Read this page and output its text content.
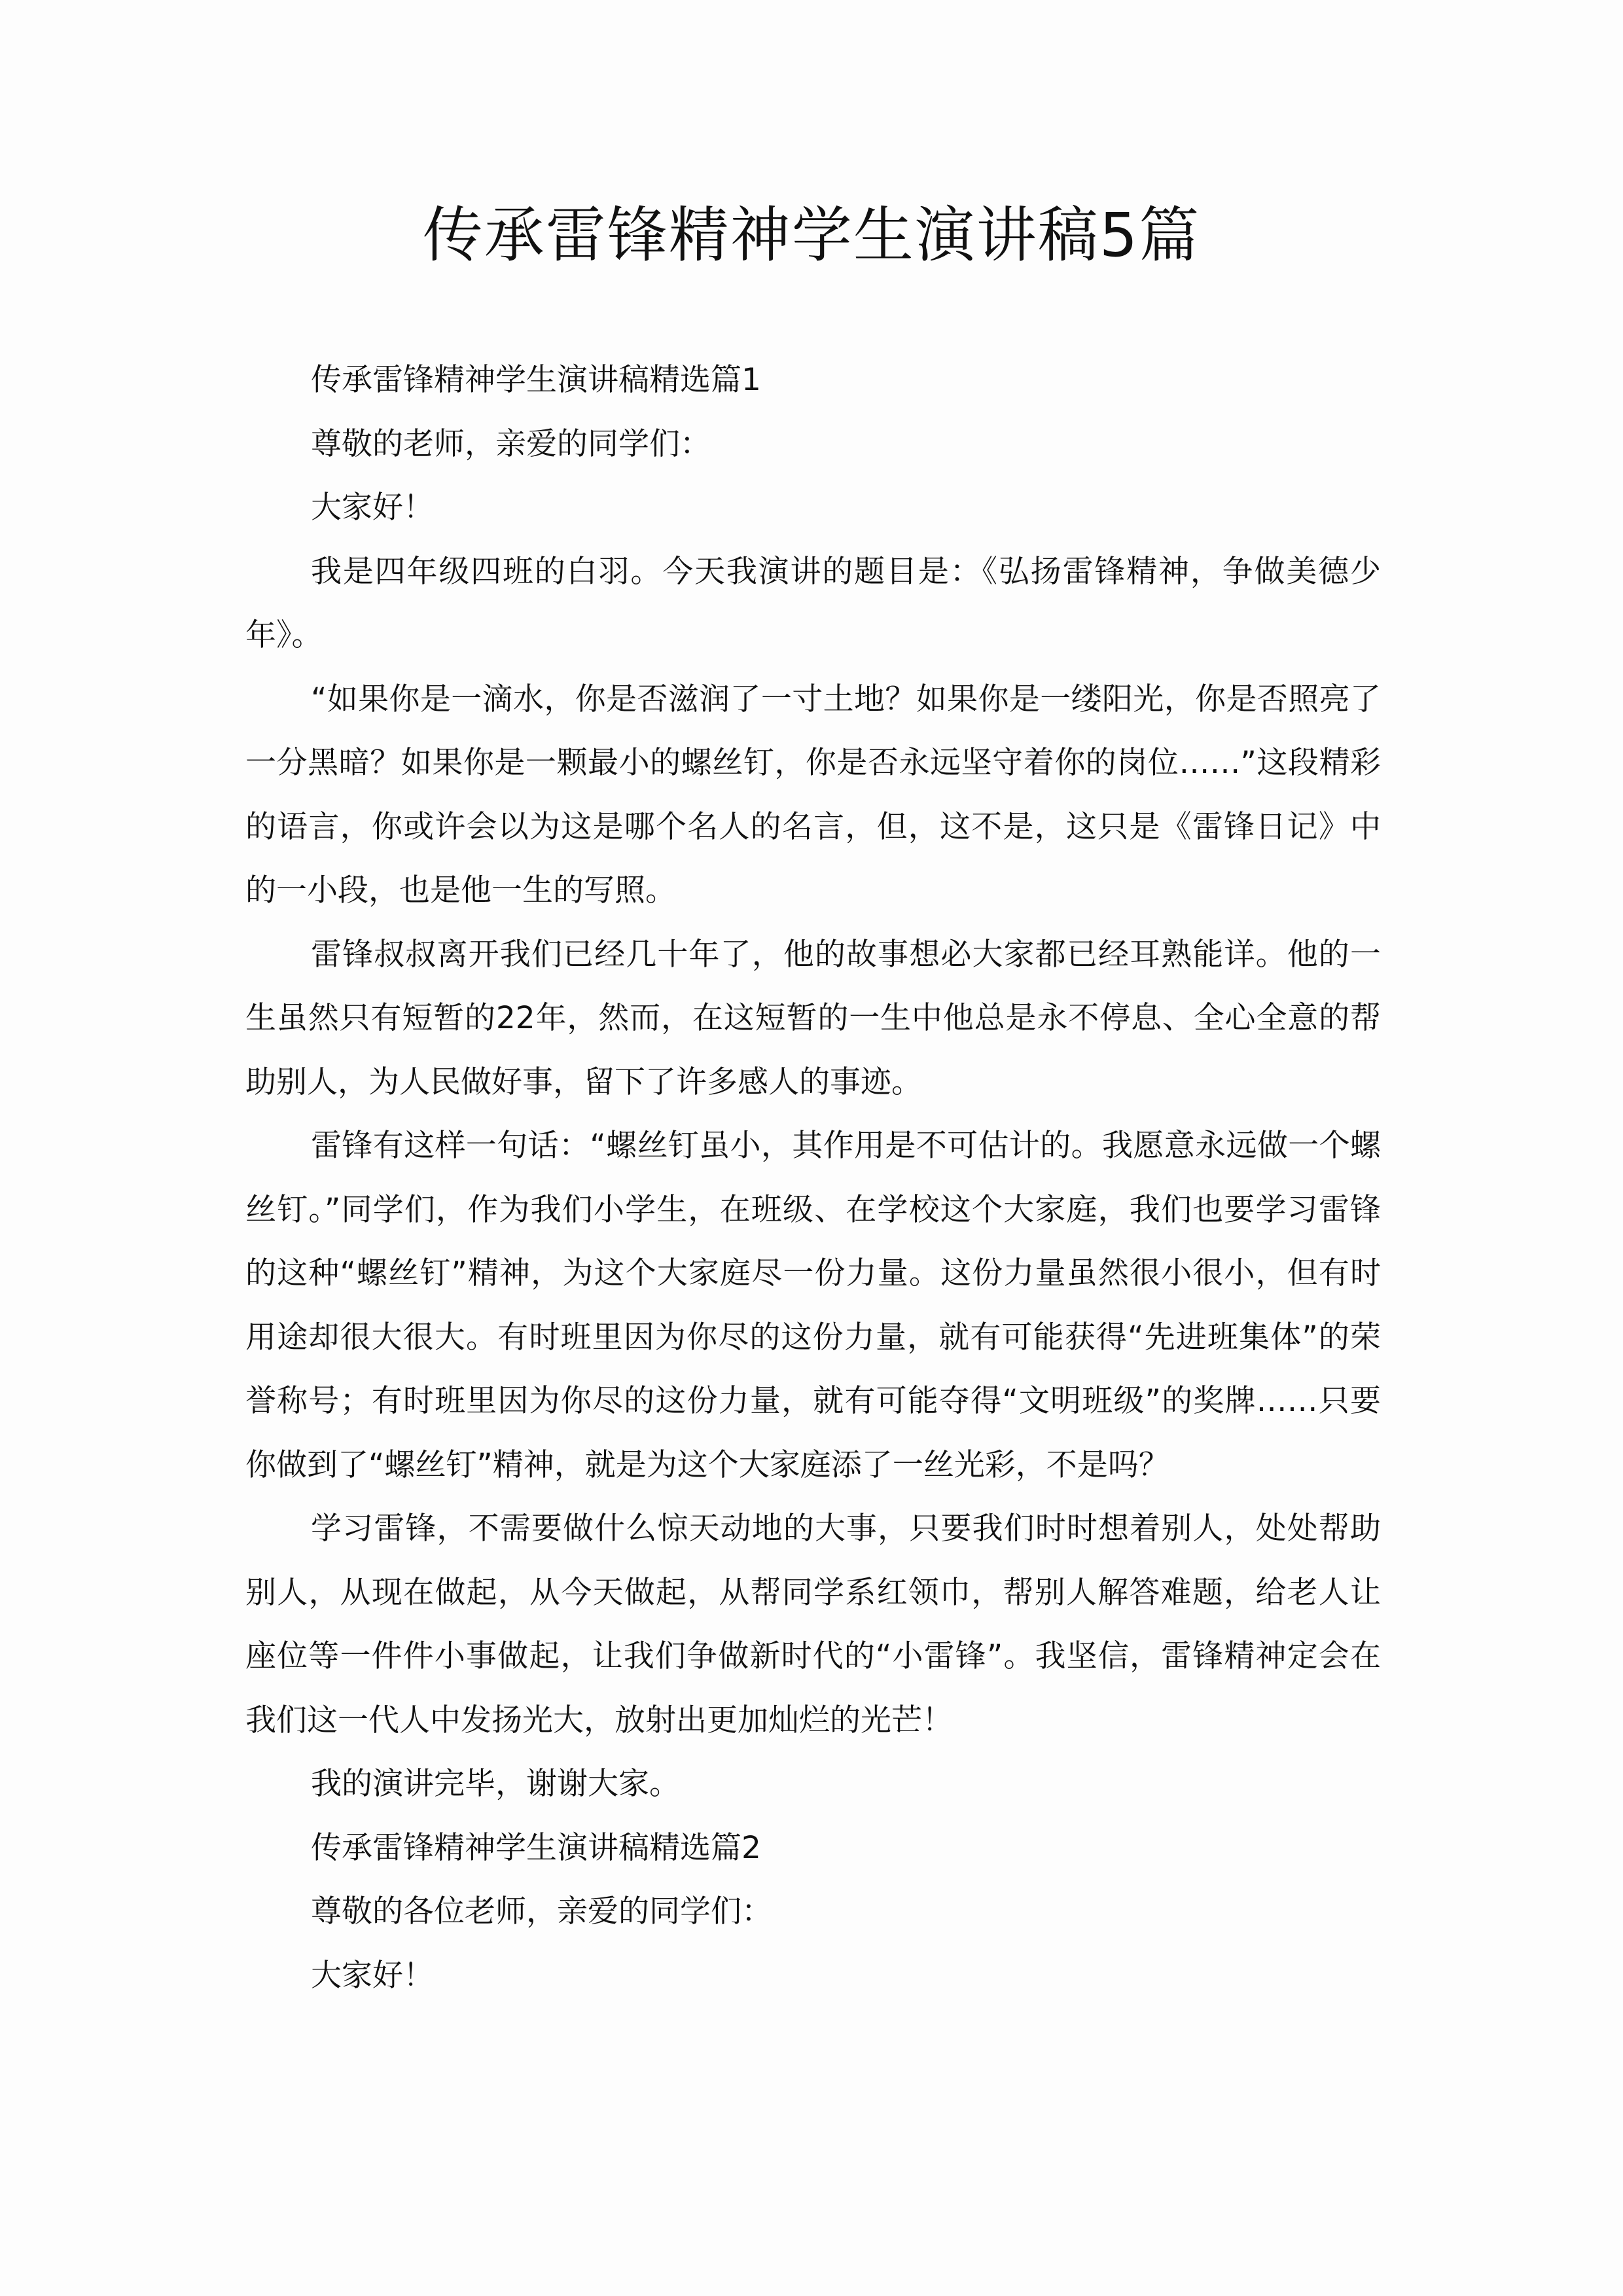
传承雷锋精神学生演讲稿5篇

传承雷锋精神学生演讲稿精选篇1

尊敬的老师，亲爱的同学们：

大家好！

我是四年级四班的白羽。今天我演讲的题目是：《弘扬雷锋精神，争做美德少年》。

“如果你是一滴水，你是否滋润了一寸土地？如果你是一缕阳光，你是否照亮了一分黑暗？如果你是一颗最小的螺丝钉，你是否永远坚守着你的岗位……”这段精彩的语言，你或许会以为这是哪个名人的名言，但，这不是，这只是《雷锋日记》中的一小段，也是他一生的写照。

雷锋叔叔离开我们已经几十年了，他的故事想必大家都已经耳熟能详。他的一生虽然只有短暂的22年，然而，在这短暂的一生中他总是永不停息、全心全意的帮助别人，为人民做好事，留下了许多感人的事迹。

雷锋有这样一句话：“螺丝钉虽小，其作用是不可估计的。我愿意永远做一个螺丝钉。”同学们，作为我们小学生，在班级、在学校这个大家庭，我们也要学习雷锋的这种“螺丝钉”精神，为这个大家庭尽一份力量。这份力量虽然很小很小，但有时用途却很大很大。有时班里因为你尽的这份力量，就有可能获得“先进班集体”的荣誉称号；有时班里因为你尽的这份力量，就有可能夺得“文明班级”的奖牌……只要你做到了“螺丝钉”精神，就是为这个大家庭添了一丝光彩，不是吗？

学习雷锋，不需要做什么惊天动地的大事，只要我们时时想着别人，处处帮助别人，从现在做起，从今天做起，从帮同学系红领巾，帮别人解答难题，给老人让座位等一件件小事做起，让我们争做新时代的“小雷锋”。我坚信，雷锋精神定会在我们这一代人中发扬光大，放射出更加灿烂的光芒！

我的演讲完毕，谢谢大家。

传承雷锋精神学生演讲稿精选篇2

尊敬的各位老师，亲爱的同学们：

大家好！
